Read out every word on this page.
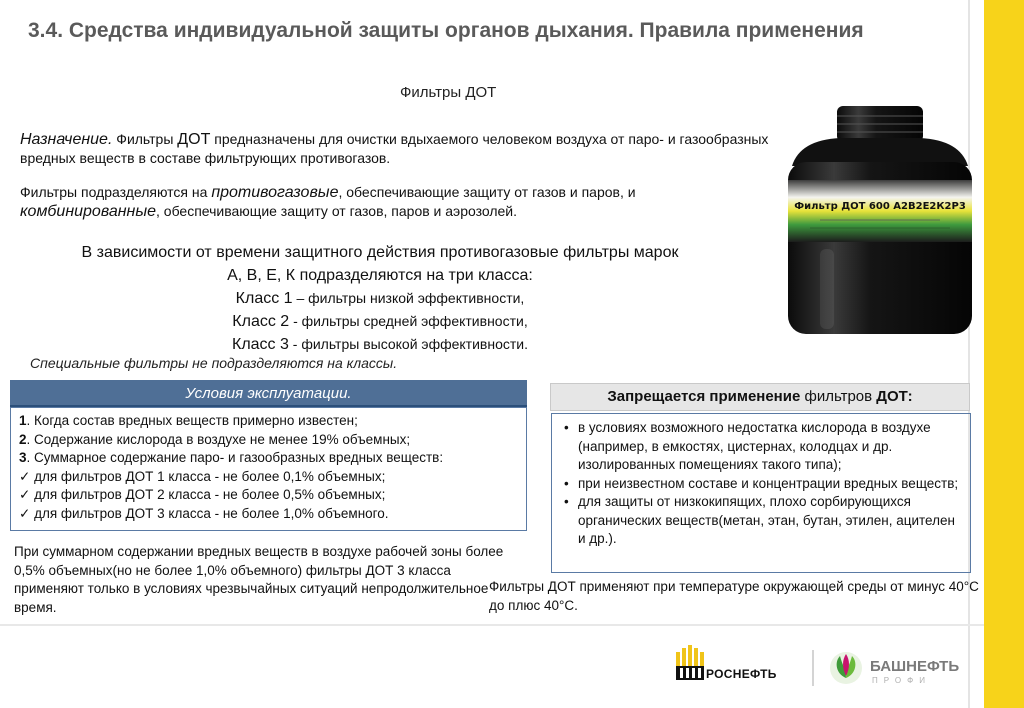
3.4. Средства индивидуальной защиты органов дыхания. Правила применения
Фильтры ДОТ
Назначение. Фильтры ДОТ предназначены для очистки вдыхаемого человеком воздуха от паро- и газообразных вредных веществ в составе фильтрующих противогазов.
Фильтры подразделяются на противогазовые, обеспечивающие защиту от газов и паров, и
комбинированные, обеспечивающие защиту от газов, паров и аэрозолей.
В зависимости от времени защитного действия противогазовые фильтры марок
А, В, Е, К подразделяются на три класса:
Класс 1 – фильтры низкой эффективности,
Класс 2 - фильтры средней эффективности,
Класс 3 - фильтры высокой эффективности.
Специальные фильтры не подразделяются на классы.
Условия эксплуатации.
1. Когда состав вредных веществ примерно известен;
2. Содержание кислорода в воздухе не менее 19% объемных;
3. Суммарное содержание паро- и газообразных вредных веществ:
✓ для фильтров ДОТ 1 класса - не более 0,1% объемных;
✓ для фильтров ДОТ 2 класса - не более 0,5% объемных;
✓ для фильтров ДОТ 3 класса - не более 1,0% объемного.
При суммарном содержании вредных веществ в воздухе рабочей зоны более 0,5% объемных(но не более 1,0% объемного) фильтры ДОТ 3 класса применяют только в условиях чрезвычайных ситуаций непродолжительное время.
Запрещается применение фильтров ДОТ:
• в условиях возможного недостатка кислорода в воздухе (например, в емкостях, цистернах, колодцах и др. изолированных помещениях такого типа);
• при неизвестном составе и концентрации вредных веществ;
• для защиты от низкокипящих, плохо сорбирующихся органических веществ(метан, этан, бутан, этилен, ацителен и др.).
Фильтры ДОТ применяют при температуре окружающей среды от минус 40°С до плюс 40°С.
Фильтр ДОТ 600 А2В2Е2К2Р3
РОСНЕФТЬ	БАШНЕФТЬ
ПРОФИ
